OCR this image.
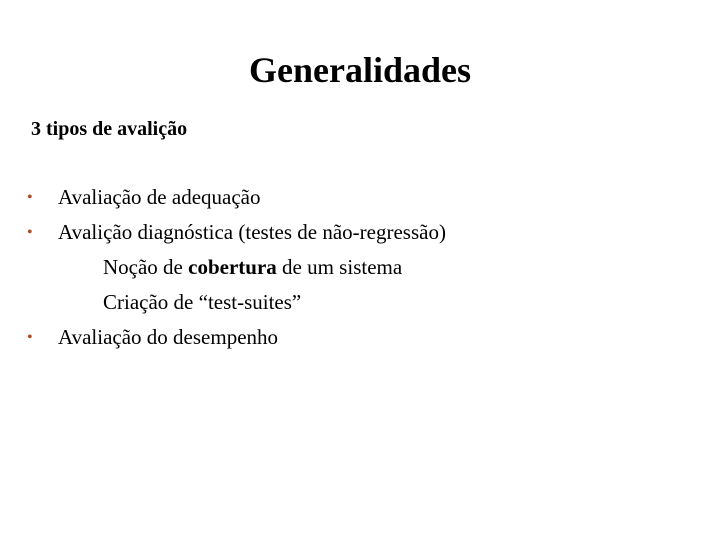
Generalidades
3 tipos de avalição
• Avaliação de adequação
• Avalição diagnóstica (testes de não-regressão)
Noção de cobertura de um sistema
Criação de “test-suites”
• Avaliação do desempenho
